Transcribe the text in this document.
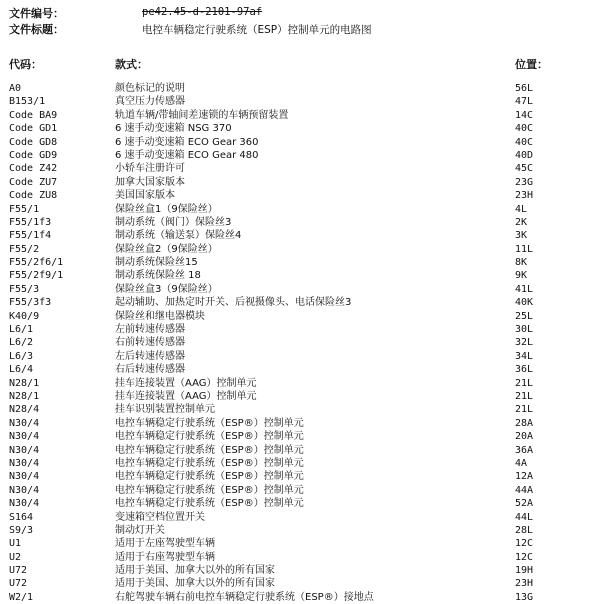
文件编号：	pe42.45-d-2101-97af
文件标题：	电控车辆稳定行驶系统（ESP）控制单元的电路图
代码：	款式：	位置：
A0	颜色标记的说明	56L
B153/1	真空压力传感器	47L
Code BA9	轨道车辆/带轴间差速锁的车辆预留装置	14C
Code GD1	6 速手动变速箱 NSG 370	40C
Code GD8	6 速手动变速箱 ECO Gear 360	40C
Code GD9	6 速手动变速箱 ECO Gear 480	40D
Code Z42	小轿车注册许可	45C
Code ZU7	加拿大国家版本	23G
Code ZU8	美国国家版本	23H
F55/1	保险丝盒1（9保险丝）	4L
F55/1f3	制动系统（阀门）保险丝3	2K
F55/1f4	制动系统（输送泵）保险丝4	3K
F55/2	保险丝盒2（9保险丝）	11L
F55/2f6/1	制动系统保险丝15	8K
F55/2f9/1	制动系统保险丝 18	9K
F55/3	保险丝盒3（9保险丝）	41L
F55/3f3	起动辅助、加热定时开关、后视摄像头、电话保险丝3	40K
K40/9	保险丝和继电器模块	25L
L6/1	左前转速传感器	30L
L6/2	右前转速传感器	32L
L6/3	左后转速传感器	34L
L6/4	右后转速传感器	36L
N28/1	挂车连接装置（AAG）控制单元	21L
N28/1	挂车连接装置（AAG）控制单元	21L
N28/4	挂车识别装置控制单元	21L
N30/4	电控车辆稳定行驶系统（ESP®）控制单元	28A
N30/4	电控车辆稳定行驶系统（ESP®）控制单元	20A
N30/4	电控车辆稳定行驶系统（ESP®）控制单元	36A
N30/4	电控车辆稳定行驶系统（ESP®）控制单元	4A
N30/4	电控车辆稳定行驶系统（ESP®）控制单元	12A
N30/4	电控车辆稳定行驶系统（ESP®）控制单元	44A
N30/4	电控车辆稳定行驶系统（ESP®）控制单元	52A
S164	变速箱空档位置开关	44L
S9/3	制动灯开关	28L
U1	适用于左座驾驶型车辆	12C
U2	适用于右座驾驶型车辆	12C
U72	适用于美国、加拿大以外的所有国家	19H
U72	适用于美国、加拿大以外的所有国家	23H
W2/1	右舵驾驶车辆右前电控车辆稳定行驶系统（ESP®）接地点	13G
